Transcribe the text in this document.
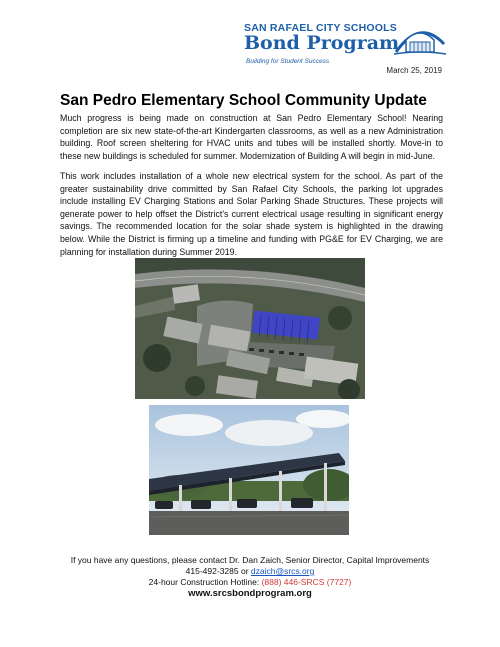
SAN RAFAEL CITY SCHOOLS
Bond Program
Building for Student Success
March 25, 2019
San Pedro Elementary School Community Update

Much progress is being made on construction at San Pedro Elementary School! Nearing completion are six new state-of-the-art Kindergarten classrooms, as well as a new Administration building. Roof screen sheltering for HVAC units and tubes will be installed shortly. Move-in to these new buildings is scheduled for summer. Modernization of Building A will begin in mid-June.

This work includes installation of a whole new electrical system for the school. As part of the greater sustainability drive committed by San Rafael City Schools, the parking lot upgrades include installing EV Charging Stations and Solar Parking Shade Structures. These projects will generate power to help offset the District's current electrical usage resulting in significant energy savings. The recommended location for the solar shade system is highlighted in the drawing below. While the District is firming up a timeline and funding with PG&E for EV Charging, we are planning for installation during Summer 2019.

If you have any questions, please contact Dr. Dan Zaich, Senior Director, Capital Improvements
415-492-3285 or dzaich@srcs.org
24-hour Construction Hotline: (888) 446-SRCS (7727)
www.srcsbondprogram.org
